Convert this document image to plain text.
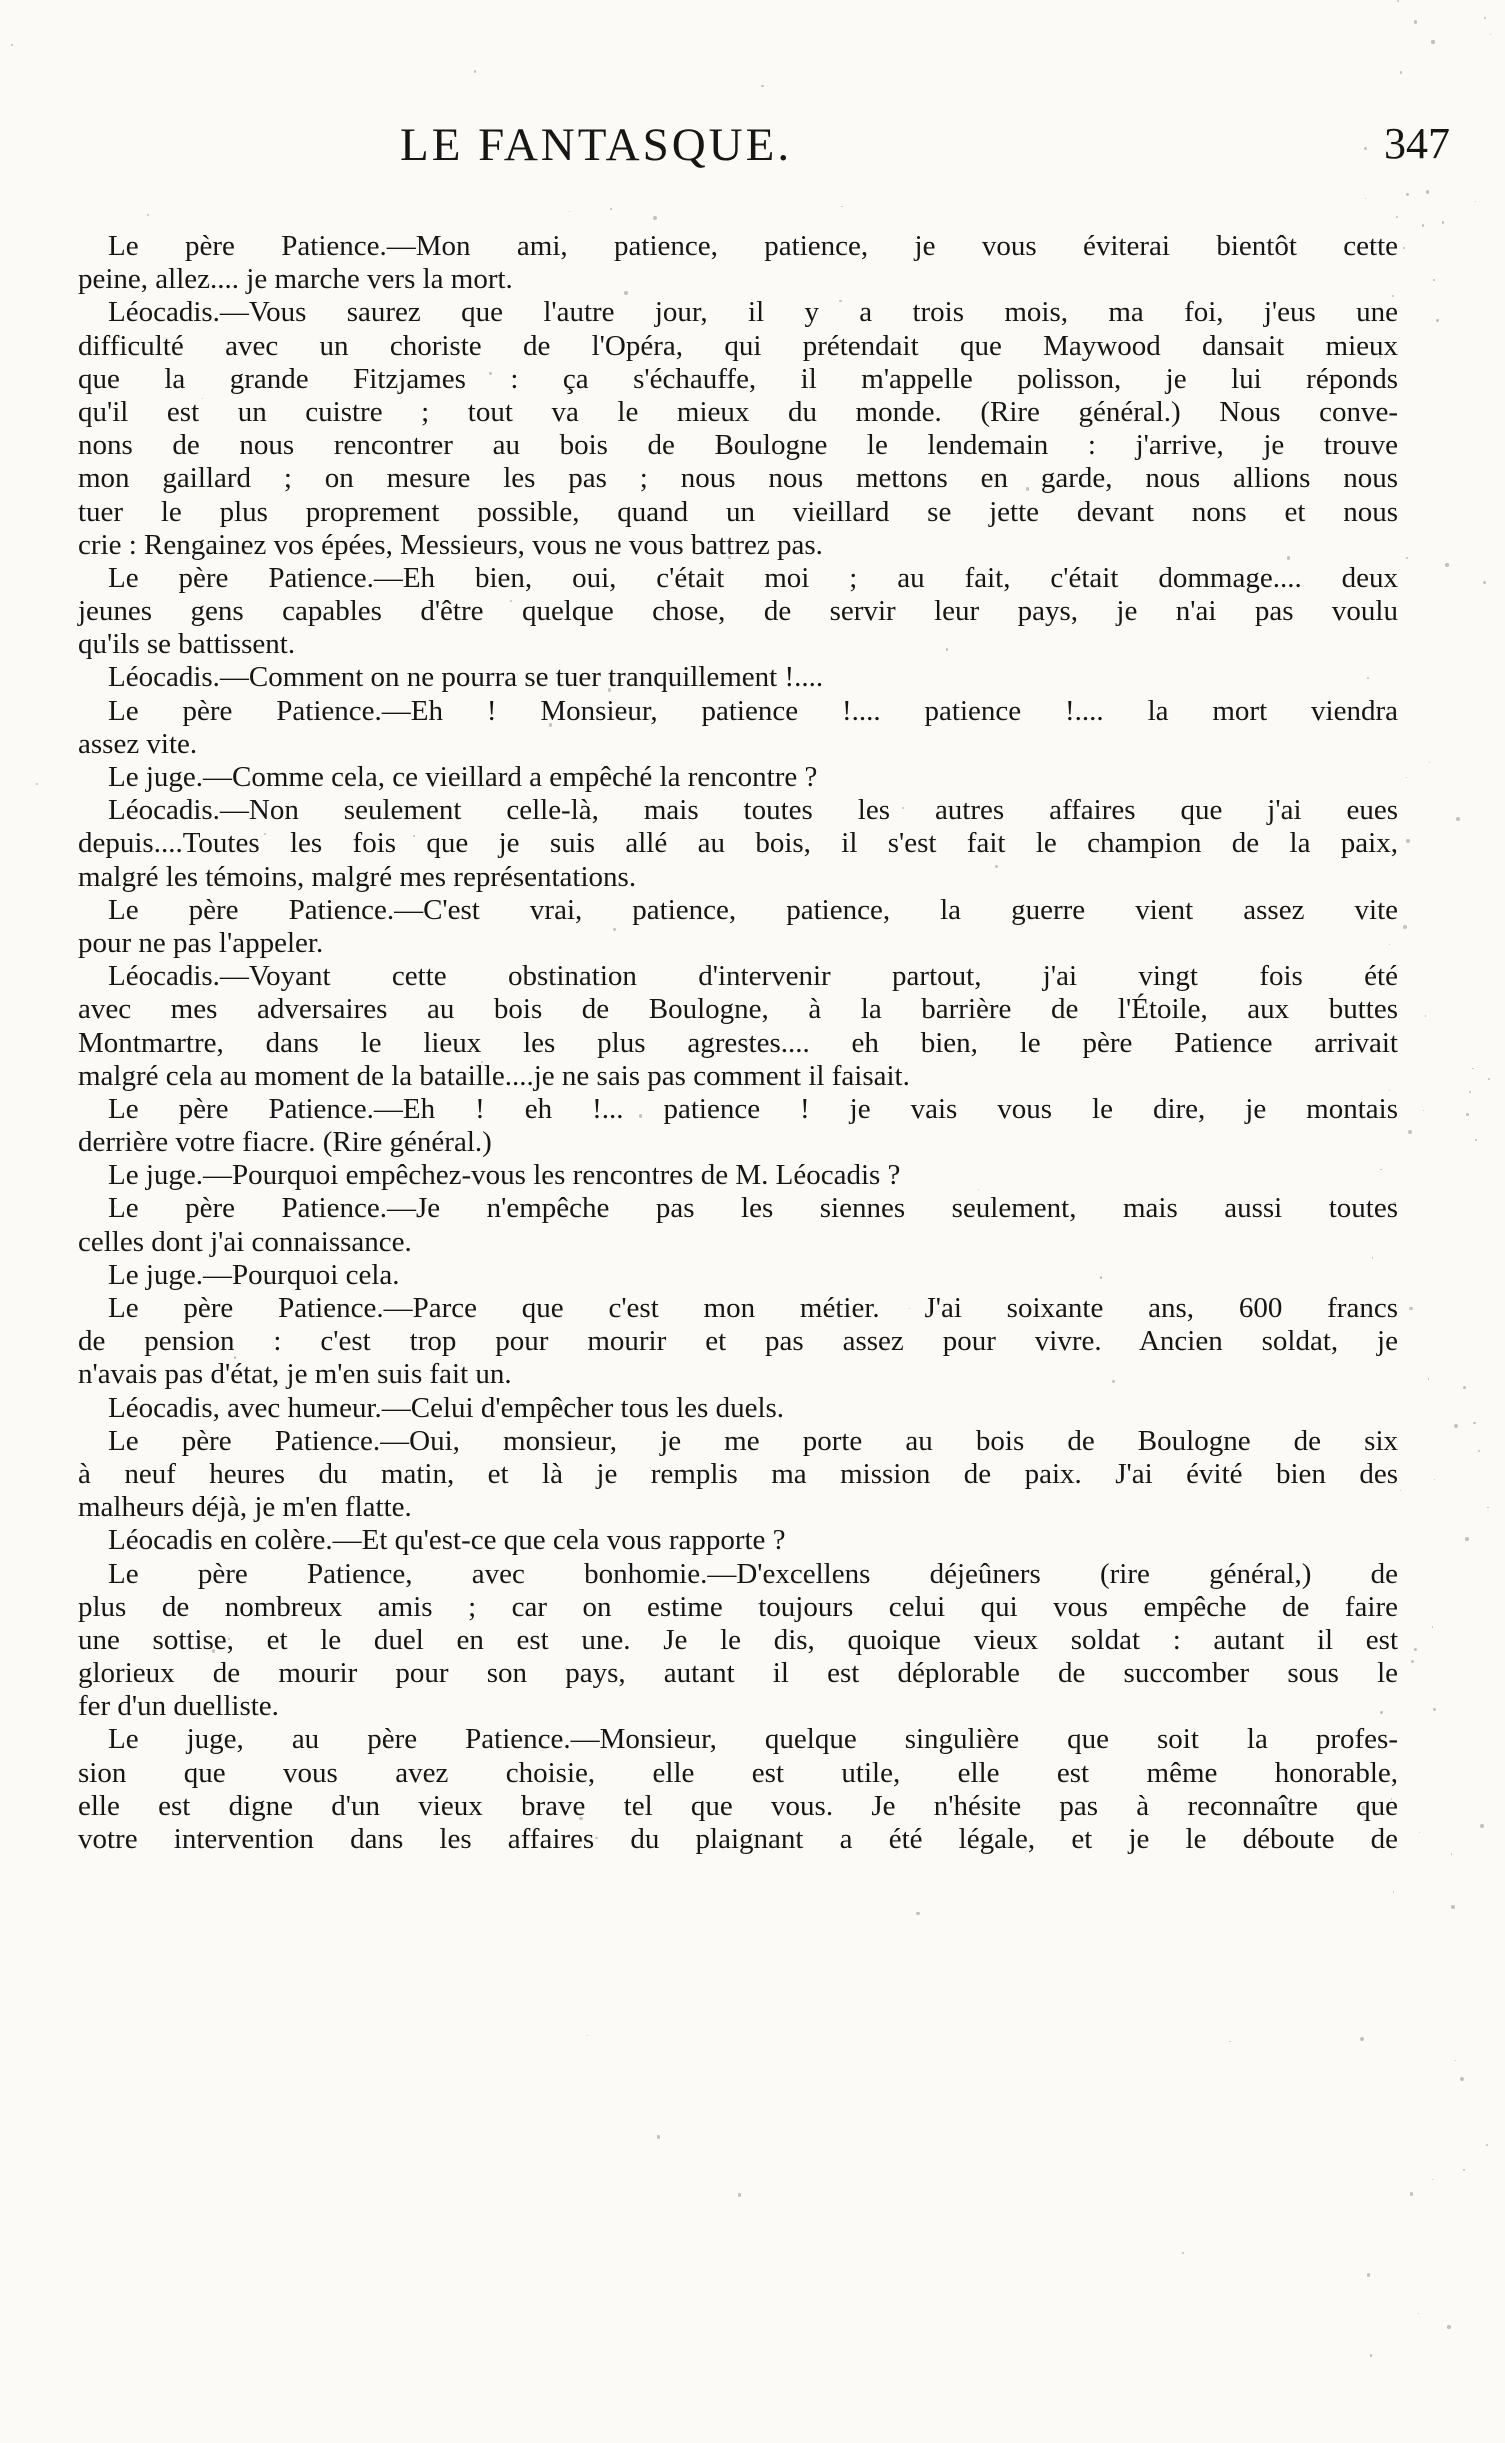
LE FANTASQUE.	347
Le père Patience.—Mon ami, patience, patience, je vous éviterai bientôt cette
peine, allez.... je marche vers la mort.
Léocadis.—Vous saurez que l'autre jour, il y a trois mois, ma foi, j'eus une
difficulté avec un choriste de l'Opéra, qui prétendait que Maywood dansait mieux
que la grande Fitzjames : ça s'échauffe, il m'appelle polisson, je lui réponds
qu'il est un cuistre ; tout va le mieux du monde. (Rire général.) Nous conve-
nons de nous rencontrer au bois de Boulogne le lendemain : j'arrive, je trouve
mon gaillard ; on mesure les pas ; nous nous mettons en garde, nous allions nous
tuer le plus proprement possible, quand un vieillard se jette devant nons et nous
crie : Rengainez vos épées, Messieurs, vous ne vous battrez pas.
Le père Patience.—Eh bien, oui, c'était moi ; au fait, c'était dommage.... deux
jeunes gens capables d'être quelque chose, de servir leur pays, je n'ai pas voulu
qu'ils se battissent.
Léocadis.—Comment on ne pourra se tuer tranquillement !....
Le père Patience.—Eh ! Monsieur, patience !.... patience !.... la mort viendra
assez vite.
Le juge.—Comme cela, ce vieillard a empêché la rencontre ?
Léocadis.—Non seulement celle-là, mais toutes les autres affaires que j'ai eues
depuis....Toutes les fois que je suis allé au bois, il s'est fait le champion de la paix,
malgré les témoins, malgré mes représentations.
Le père Patience.—C'est vrai, patience, patience, la guerre vient assez vite
pour ne pas l'appeler.
Léocadis.—Voyant cette obstination d'intervenir partout, j'ai vingt fois été
avec mes adversaires au bois de Boulogne, à la barrière de l'Étoile, aux buttes
Montmartre, dans le lieux les plus agrestes.... eh bien, le père Patience arrivait
malgré cela au moment de la bataille....je ne sais pas comment il faisait.
Le père Patience.—Eh ! eh !... patience ! je vais vous le dire, je montais
derrière votre fiacre. (Rire général.)
Le juge.—Pourquoi empêchez-vous les rencontres de M. Léocadis ?
Le père Patience.—Je n'empêche pas les siennes seulement, mais aussi toutes
celles dont j'ai connaissance.
Le juge.—Pourquoi cela.
Le père Patience.—Parce que c'est mon métier. J'ai soixante ans, 600 francs
de pension : c'est trop pour mourir et pas assez pour vivre. Ancien soldat, je
n'avais pas d'état, je m'en suis fait un.
Léocadis, avec humeur.—Celui d'empêcher tous les duels.
Le père Patience.—Oui, monsieur, je me porte au bois de Boulogne de six
à neuf heures du matin, et là je remplis ma mission de paix. J'ai évité bien des
malheurs déjà, je m'en flatte.
Léocadis en colère.—Et qu'est-ce que cela vous rapporte ?
Le père Patience, avec bonhomie.—D'excellens déjeûners (rire général,) de
plus de nombreux amis ; car on estime toujours celui qui vous empêche de faire
une sottise, et le duel en est une. Je le dis, quoique vieux soldat : autant il est
glorieux de mourir pour son pays, autant il est déplorable de succomber sous le
fer d'un duelliste.
Le juge, au père Patience.—Monsieur, quelque singulière que soit la profes-
sion que vous avez choisie, elle est utile, elle est même honorable,
elle est digne d'un vieux brave tel que vous. Je n'hésite pas à reconnaître que
votre intervention dans les affaires du plaignant a été légale, et je le déboute de
